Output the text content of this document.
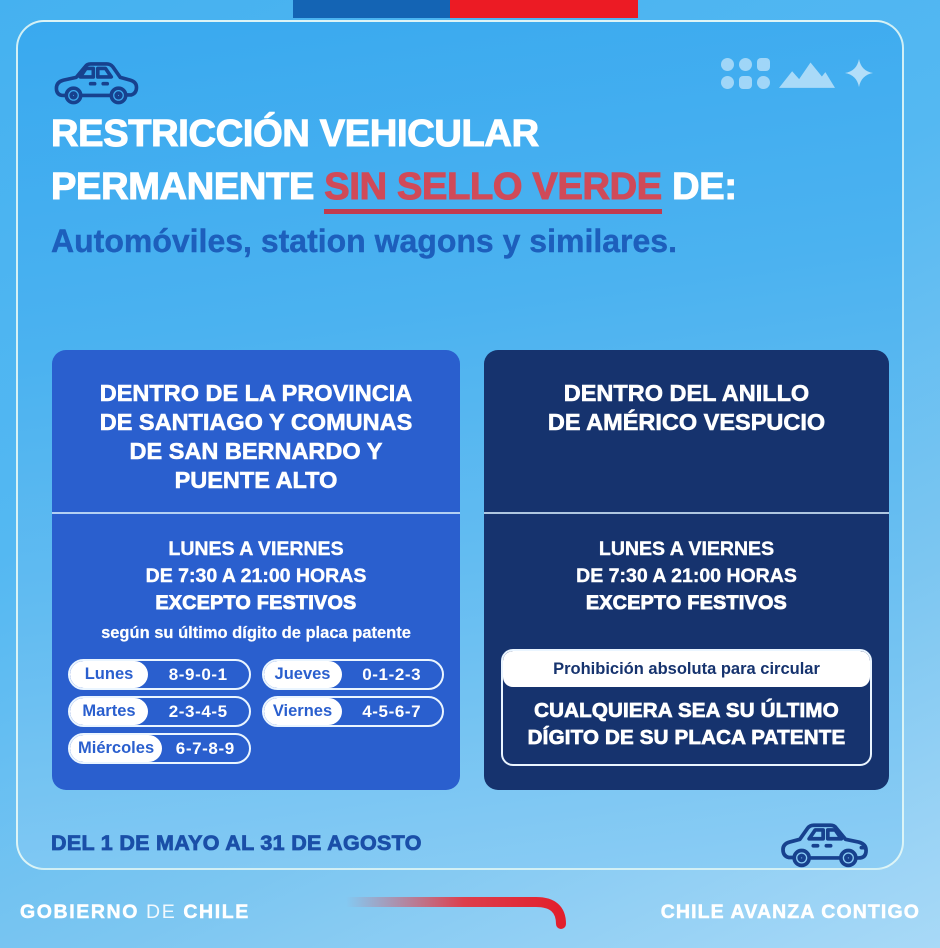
RESTRICCIÓN VEHICULAR
PERMANENTE SIN SELLO VERDE DE:
Automóviles, station wagons y similares.
DENTRO DE LA PROVINCIA
DE SANTIAGO Y COMUNAS
DE SAN BERNARDO Y
PUENTE ALTO
LUNES A VIERNES
DE 7:30 A 21:00 HORAS
EXCEPTO FESTIVOS
según su último dígito de placa patente
Lunes	8-9-0-1	Jueves	0-1-2-3
Martes	2-3-4-5	Viernes	4-5-6-7
Miércoles	6-7-8-9
DENTRO DEL ANILLO
DE AMÉRICO VESPUCIO
LUNES A VIERNES
DE 7:30 A 21:00 HORAS
EXCEPTO FESTIVOS
Prohibición absoluta para circular
CUALQUIERA SEA SU ÚLTIMO
DÍGITO DE SU PLACA PATENTE
DEL 1 DE MAYO AL 31 DE AGOSTO
GOBIERNO DE CHILE	CHILE AVANZA CONTIGO
